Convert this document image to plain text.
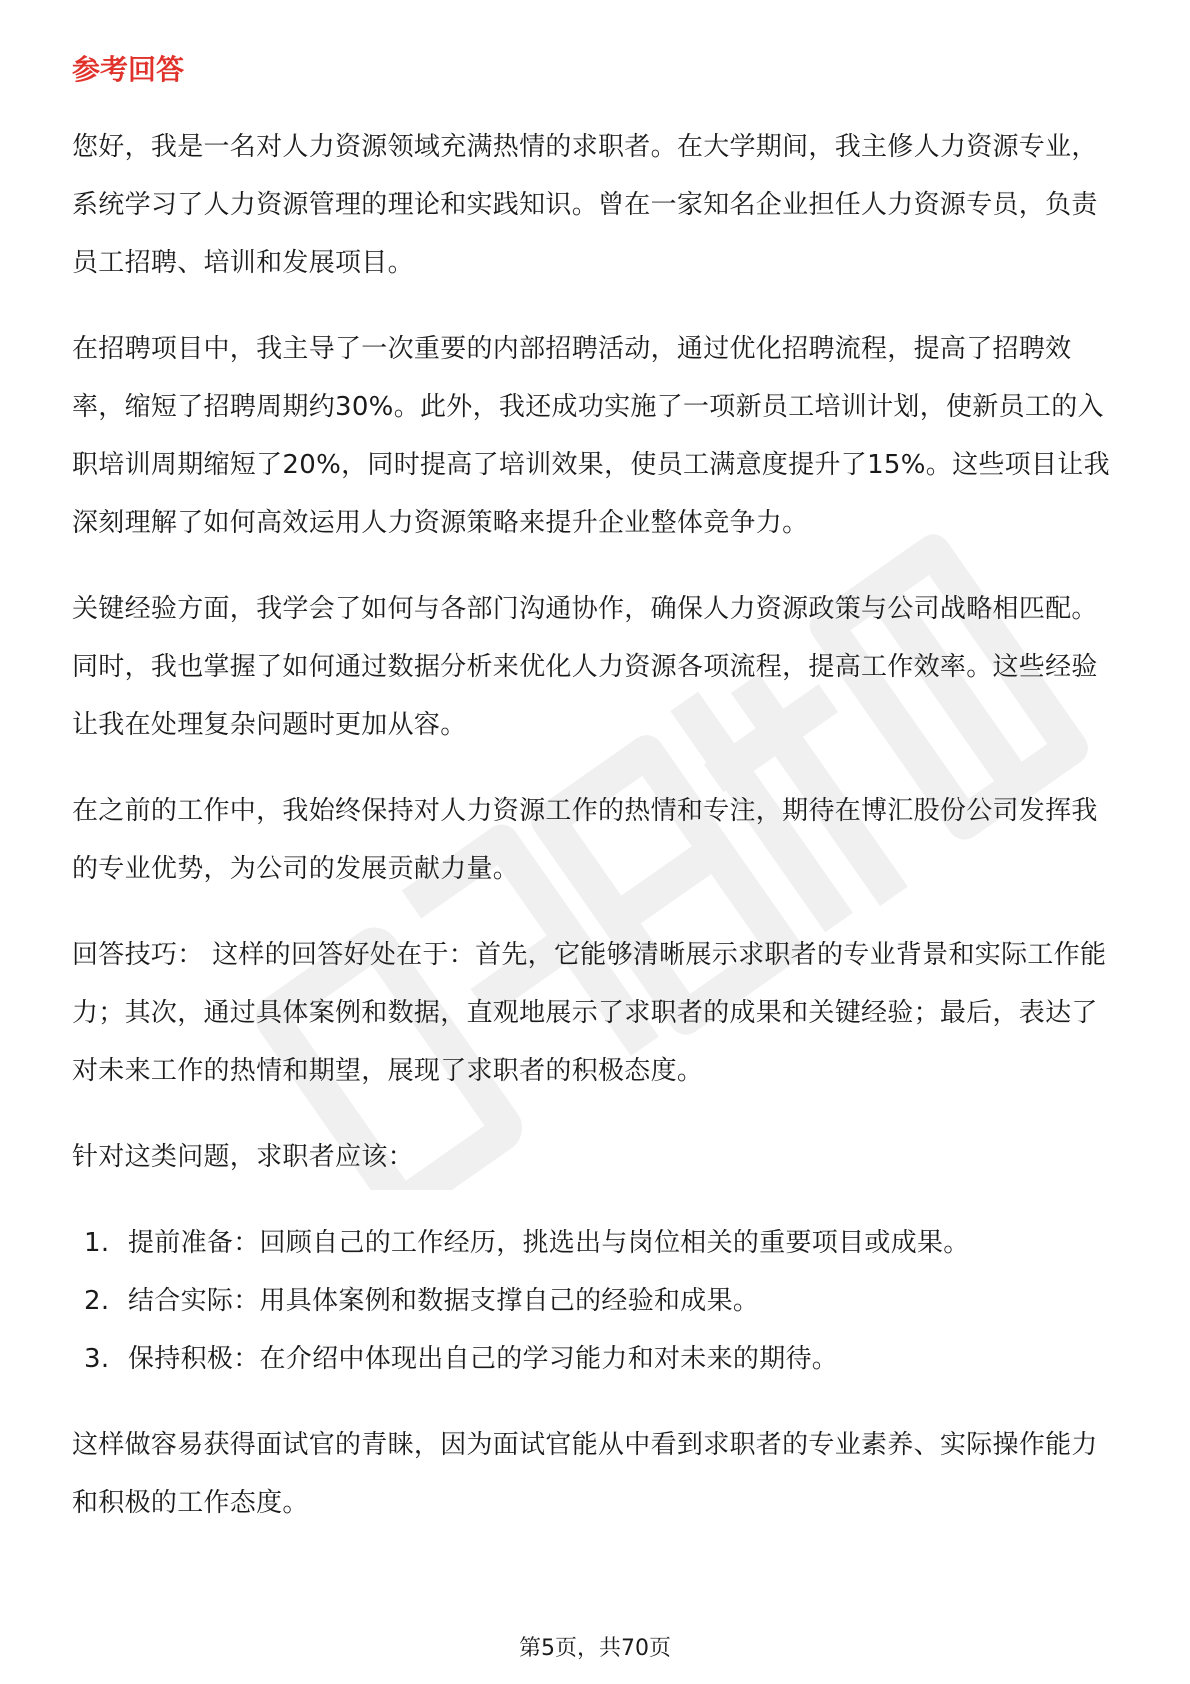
参考回答

您好，我是一名对人力资源领域充满热情的求职者。在大学期间，我主修人力资源专业，系统学习了人力资源管理的理论和实践知识。曾在一家知名企业担任人力资源专员，负责员工招聘、培训和发展项目。

在招聘项目中，我主导了一次重要的内部招聘活动，通过优化招聘流程，提高了招聘效率，缩短了招聘周期约30%。此外，我还成功实施了一项新员工培训计划，使新员工的入职培训周期缩短了20%，同时提高了培训效果，使员工满意度提升了15%。这些项目让我深刻理解了如何高效运用人力资源策略来提升企业整体竞争力。

关键经验方面，我学会了如何与各部门沟通协作，确保人力资源政策与公司战略相匹配。同时，我也掌握了如何通过数据分析来优化人力资源各项流程，提高工作效率。这些经验让我在处理复杂问题时更加从容。

在之前的工作中，我始终保持对人力资源工作的热情和专注，期待在博汇股份公司发挥我的专业优势，为公司的发展贡献力量。

回答技巧： 这样的回答好处在于：首先，它能够清晰展示求职者的专业背景和实际工作能力；其次，通过具体案例和数据，直观地展示了求职者的成果和关键经验；最后，表达了对未来工作的热情和期望，展现了求职者的积极态度。

针对这类问题，求职者应该：

1. 提前准备：回顾自己的工作经历，挑选出与岗位相关的重要项目或成果。
2. 结合实际：用具体案例和数据支撑自己的经验和成果。
3. 保持积极：在介绍中体现出自己的学习能力和对未来的期待。

这样做容易获得面试官的青睐，因为面试官能从中看到求职者的专业素养、实际操作能力和积极的工作态度。

第5页，共70页
